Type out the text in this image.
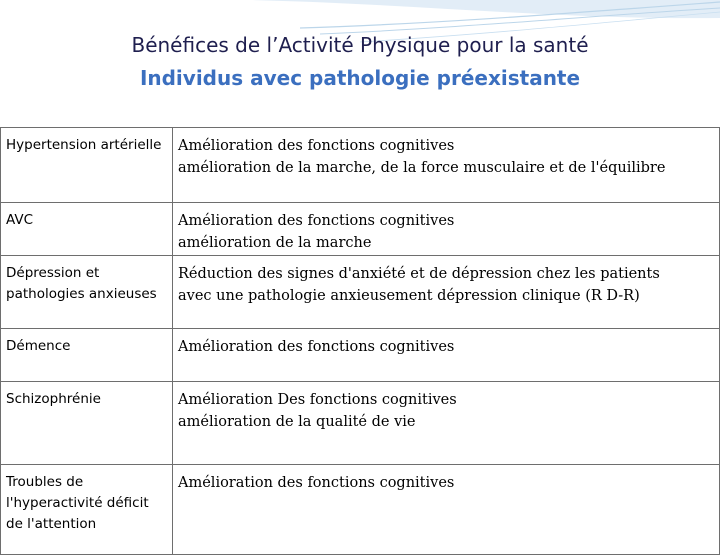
Bénéfices de l’Activité Physique pour la santé
Individus avec pathologie préexistante
Hypertension artérielle	Amélioration des fonctions cognitives
amélioration de la marche, de la force musculaire et de l'équilibre

AVC	Amélioration des fonctions cognitives
amélioration de la marche

Dépression et pathologies anxieuses	Réduction des signes d'anxiété et de dépression chez les patients
avec une pathologie anxieusement dépression clinique (R D-R)

Démence	Amélioration des fonctions cognitives

Schizophrénie	Amélioration Des fonctions cognitives
amélioration de la qualité de vie

Troubles de l'hyperactivité déficit de l'attention	Amélioration des fonctions cognitives
